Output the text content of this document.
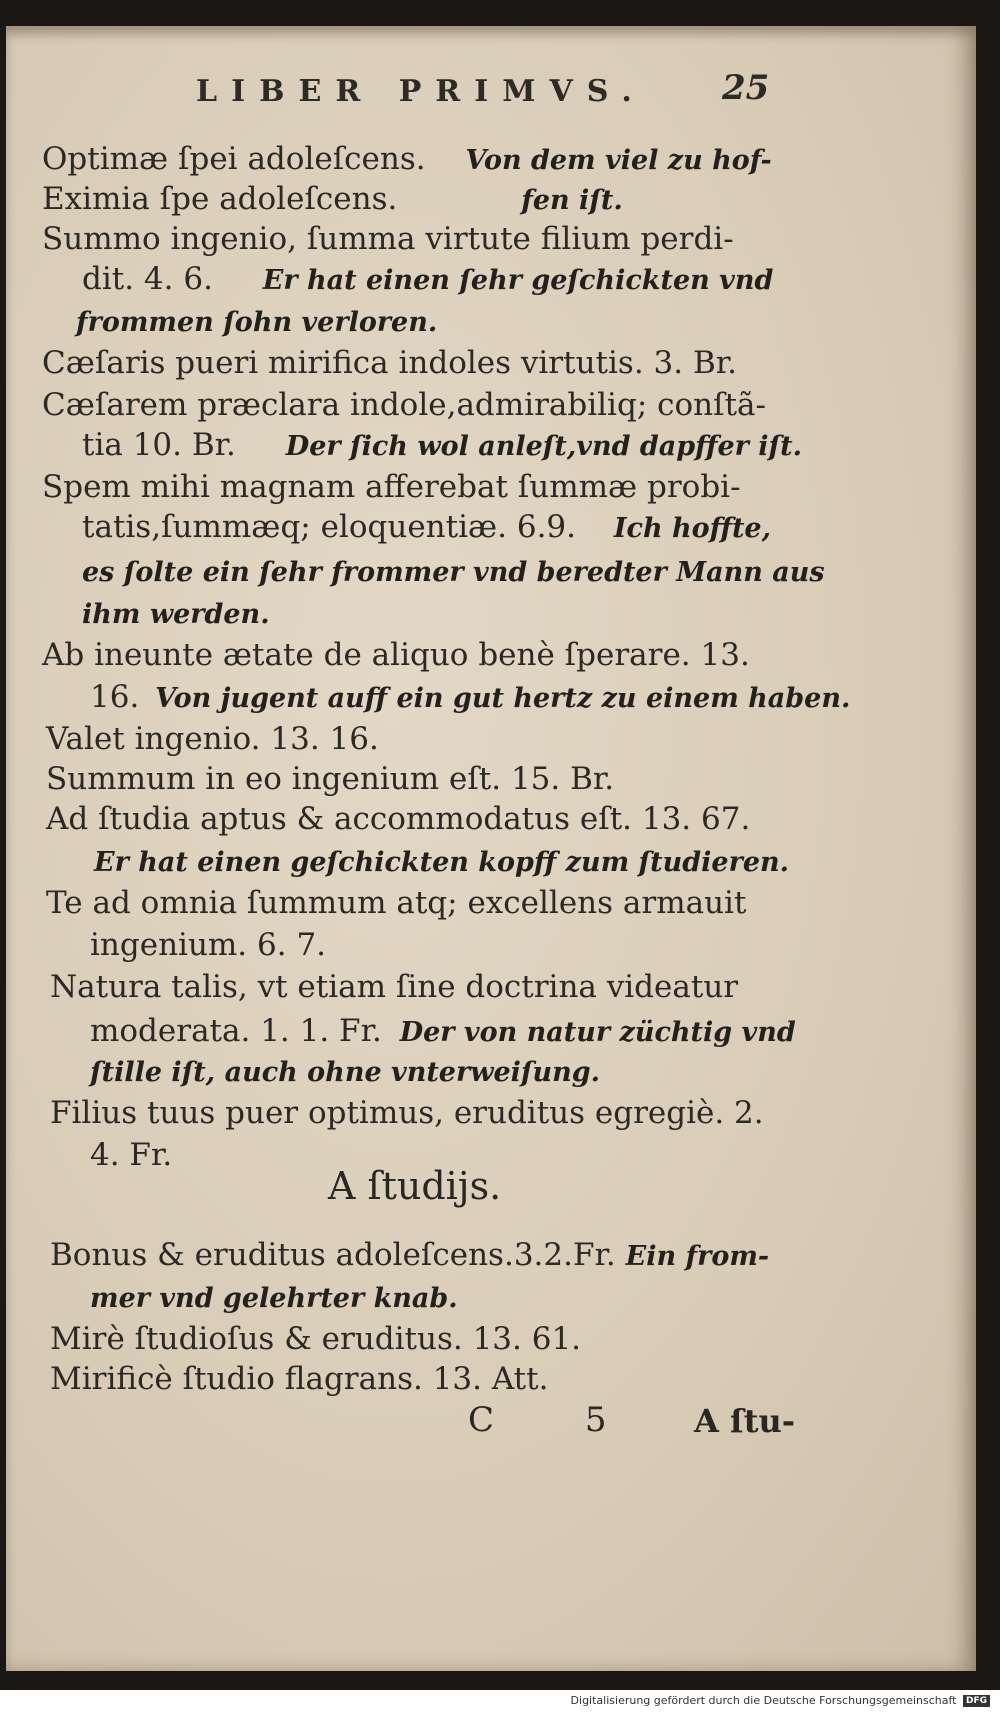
LIBER PRIMVS. 25
Optimæ ſpei adoleſcens. Von dem viel zu hof-
Eximia ſpe adoleſcens.	fen iſt.
Summo ingenio, ſumma virtute filium perdi-
dit. 4. 6. Er hat einen ſehr geſchickten vnd
frommen ſohn verloren.
Cæſaris pueri mirifica indoles virtutis. 3. Br.
Cæſarem præclara indole,admirabiliq; conſtã-
tia 10. Br. Der ſich wol anleſt,vnd dapffer iſt.
Spem mihi magnam afferebat ſummæ probi-
tatis,ſummæq; eloquentiæ. 6.9. Ich hoffte,
es ſolte ein ſehr frommer vnd beredter Mann aus
ihm werden.
Ab ineunte ætate de aliquo benè ſperare. 13.
16. Von jugent auff ein gut hertz zu einem haben.
Valet ingenio. 13. 16.
Summum in eo ingenium eſt. 15. Br.
Ad ſtudia aptus & accommodatus eſt. 13. 67.
Er hat einen geſchickten kopff zum ſtudieren.
Te ad omnia ſummum atq; excellens armauit
ingenium. 6. 7.
Natura talis, vt etiam ſine doctrina videatur
moderata. 1. 1. Fr. Der von natur züchtig vnd
ſtille iſt, auch ohne vnterweiſung.
Filius tuus puer optimus, eruditus egregiè. 2.
4. Fr.
A ſtudijs.
Bonus & eruditus adoleſcens.3.2.Fr. Ein from-
mer vnd gelehrter knab.
Mirè ſtudioſus & eruditus. 13. 61.
Mirificè ſtudio flagrans. 13. Att.
C 5 A ſtu-
Digitalisierung gefördert durch die Deutsche Forschungsgemeinschaft DFG
